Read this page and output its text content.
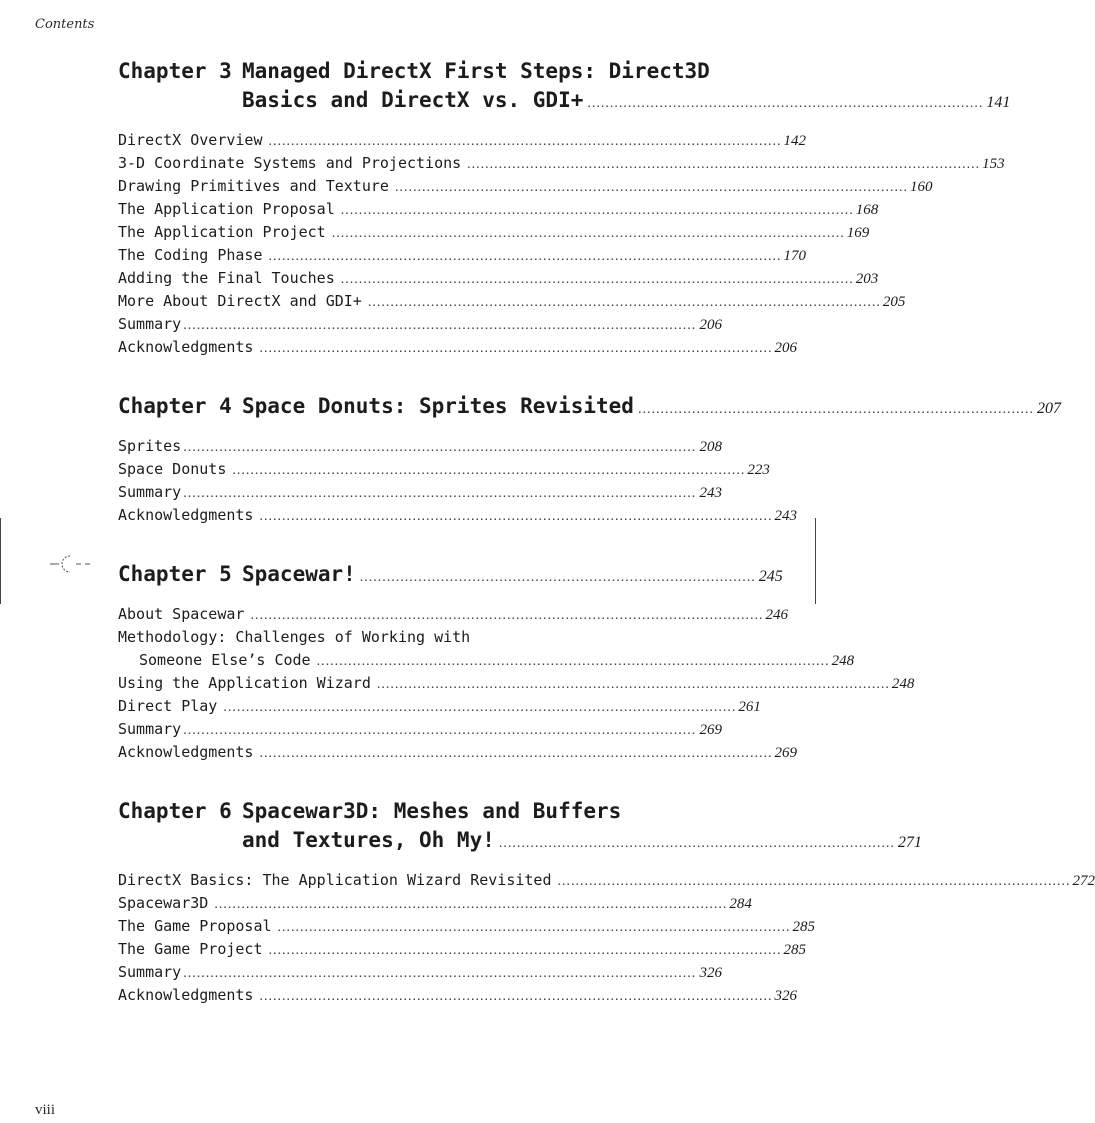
Contents
Chapter 3 Managed DirectX First Steps: Direct3D
Basics and DirectX vs. GDI+ ........................................................................................ 141
DirectX Overview .................................................................................................................. 142
3-D Coordinate Systems and Projections .................................................................................................................. 153
Drawing Primitives and Texture .................................................................................................................. 160
The Application Proposal .................................................................................................................. 168
The Application Project .................................................................................................................. 169
The Coding Phase .................................................................................................................. 170
Adding the Final Touches .................................................................................................................. 203
More About DirectX and GDI+ .................................................................................................................. 205
Summary .................................................................................................................. 206
Acknowledgments .................................................................................................................. 206
Chapter 4 Space Donuts: Sprites Revisited ........................................................................................ 207
Sprites .................................................................................................................. 208
Space Donuts .................................................................................................................. 223
Summary .................................................................................................................. 243
Acknowledgments .................................................................................................................. 243
Chapter 5 Spacewar! ........................................................................................ 245
About Spacewar .................................................................................................................. 246
Methodology: Challenges of Working with
Someone Else’s Code .................................................................................................................. 248
Using the Application Wizard .................................................................................................................. 248
Direct Play .................................................................................................................. 261
Summary .................................................................................................................. 269
Acknowledgments .................................................................................................................. 269
Chapter 6 Spacewar3D: Meshes and Buffers
and Textures, Oh My! ........................................................................................ 271
DirectX Basics: The Application Wizard Revisited .................................................................................................................. 272
Spacewar3D .................................................................................................................. 284
The Game Proposal .................................................................................................................. 285
The Game Project .................................................................................................................. 285
Summary .................................................................................................................. 326
Acknowledgments .................................................................................................................. 326
viii
